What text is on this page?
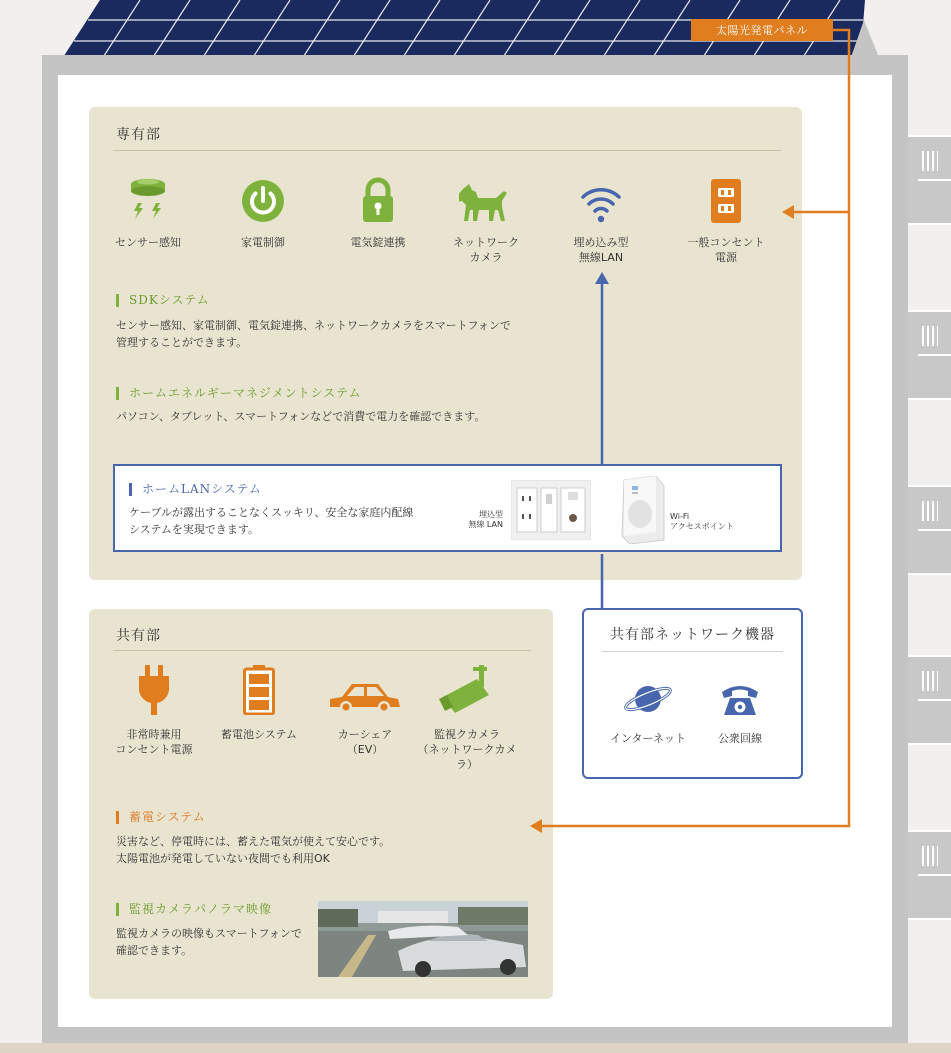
太陽光発電パネル
専有部
センサー感知	家電制御	電気錠連携	ネットワーク
カメラ
埋め込み型
無線LAN
一般コンセント
電源
SDKシステム
センサー感知、家電制御、電気錠連携、ネットワークカメラをスマートフォンで
管理することができます。
ホームエネルギーマネジメントシステム
パソコン、タブレット、スマートフォンなどで消費で電力を確認できます。
ホームLANシステム
ケーブルが露出することなくスッキリ、安全な家庭内配線
システムを実現できます。
埋込型
無線 LAN
Wi-Fi
アクセスポイント
共有部
非常時兼用
コンセント電源
蓄電池システム	カーシェア
（EV）
監視クカメラ
（ネットワークカメラ）
蓄電システム
災害など、停電時には、蓄えた電気が使えて安心です。
太陽電池が発電していない夜間でも利用OK
監視カメラパノラマ映像
監視カメラの映像もスマートフォンで
確認できます。
共有部ネットワーク機器
インターネット	公衆回線
